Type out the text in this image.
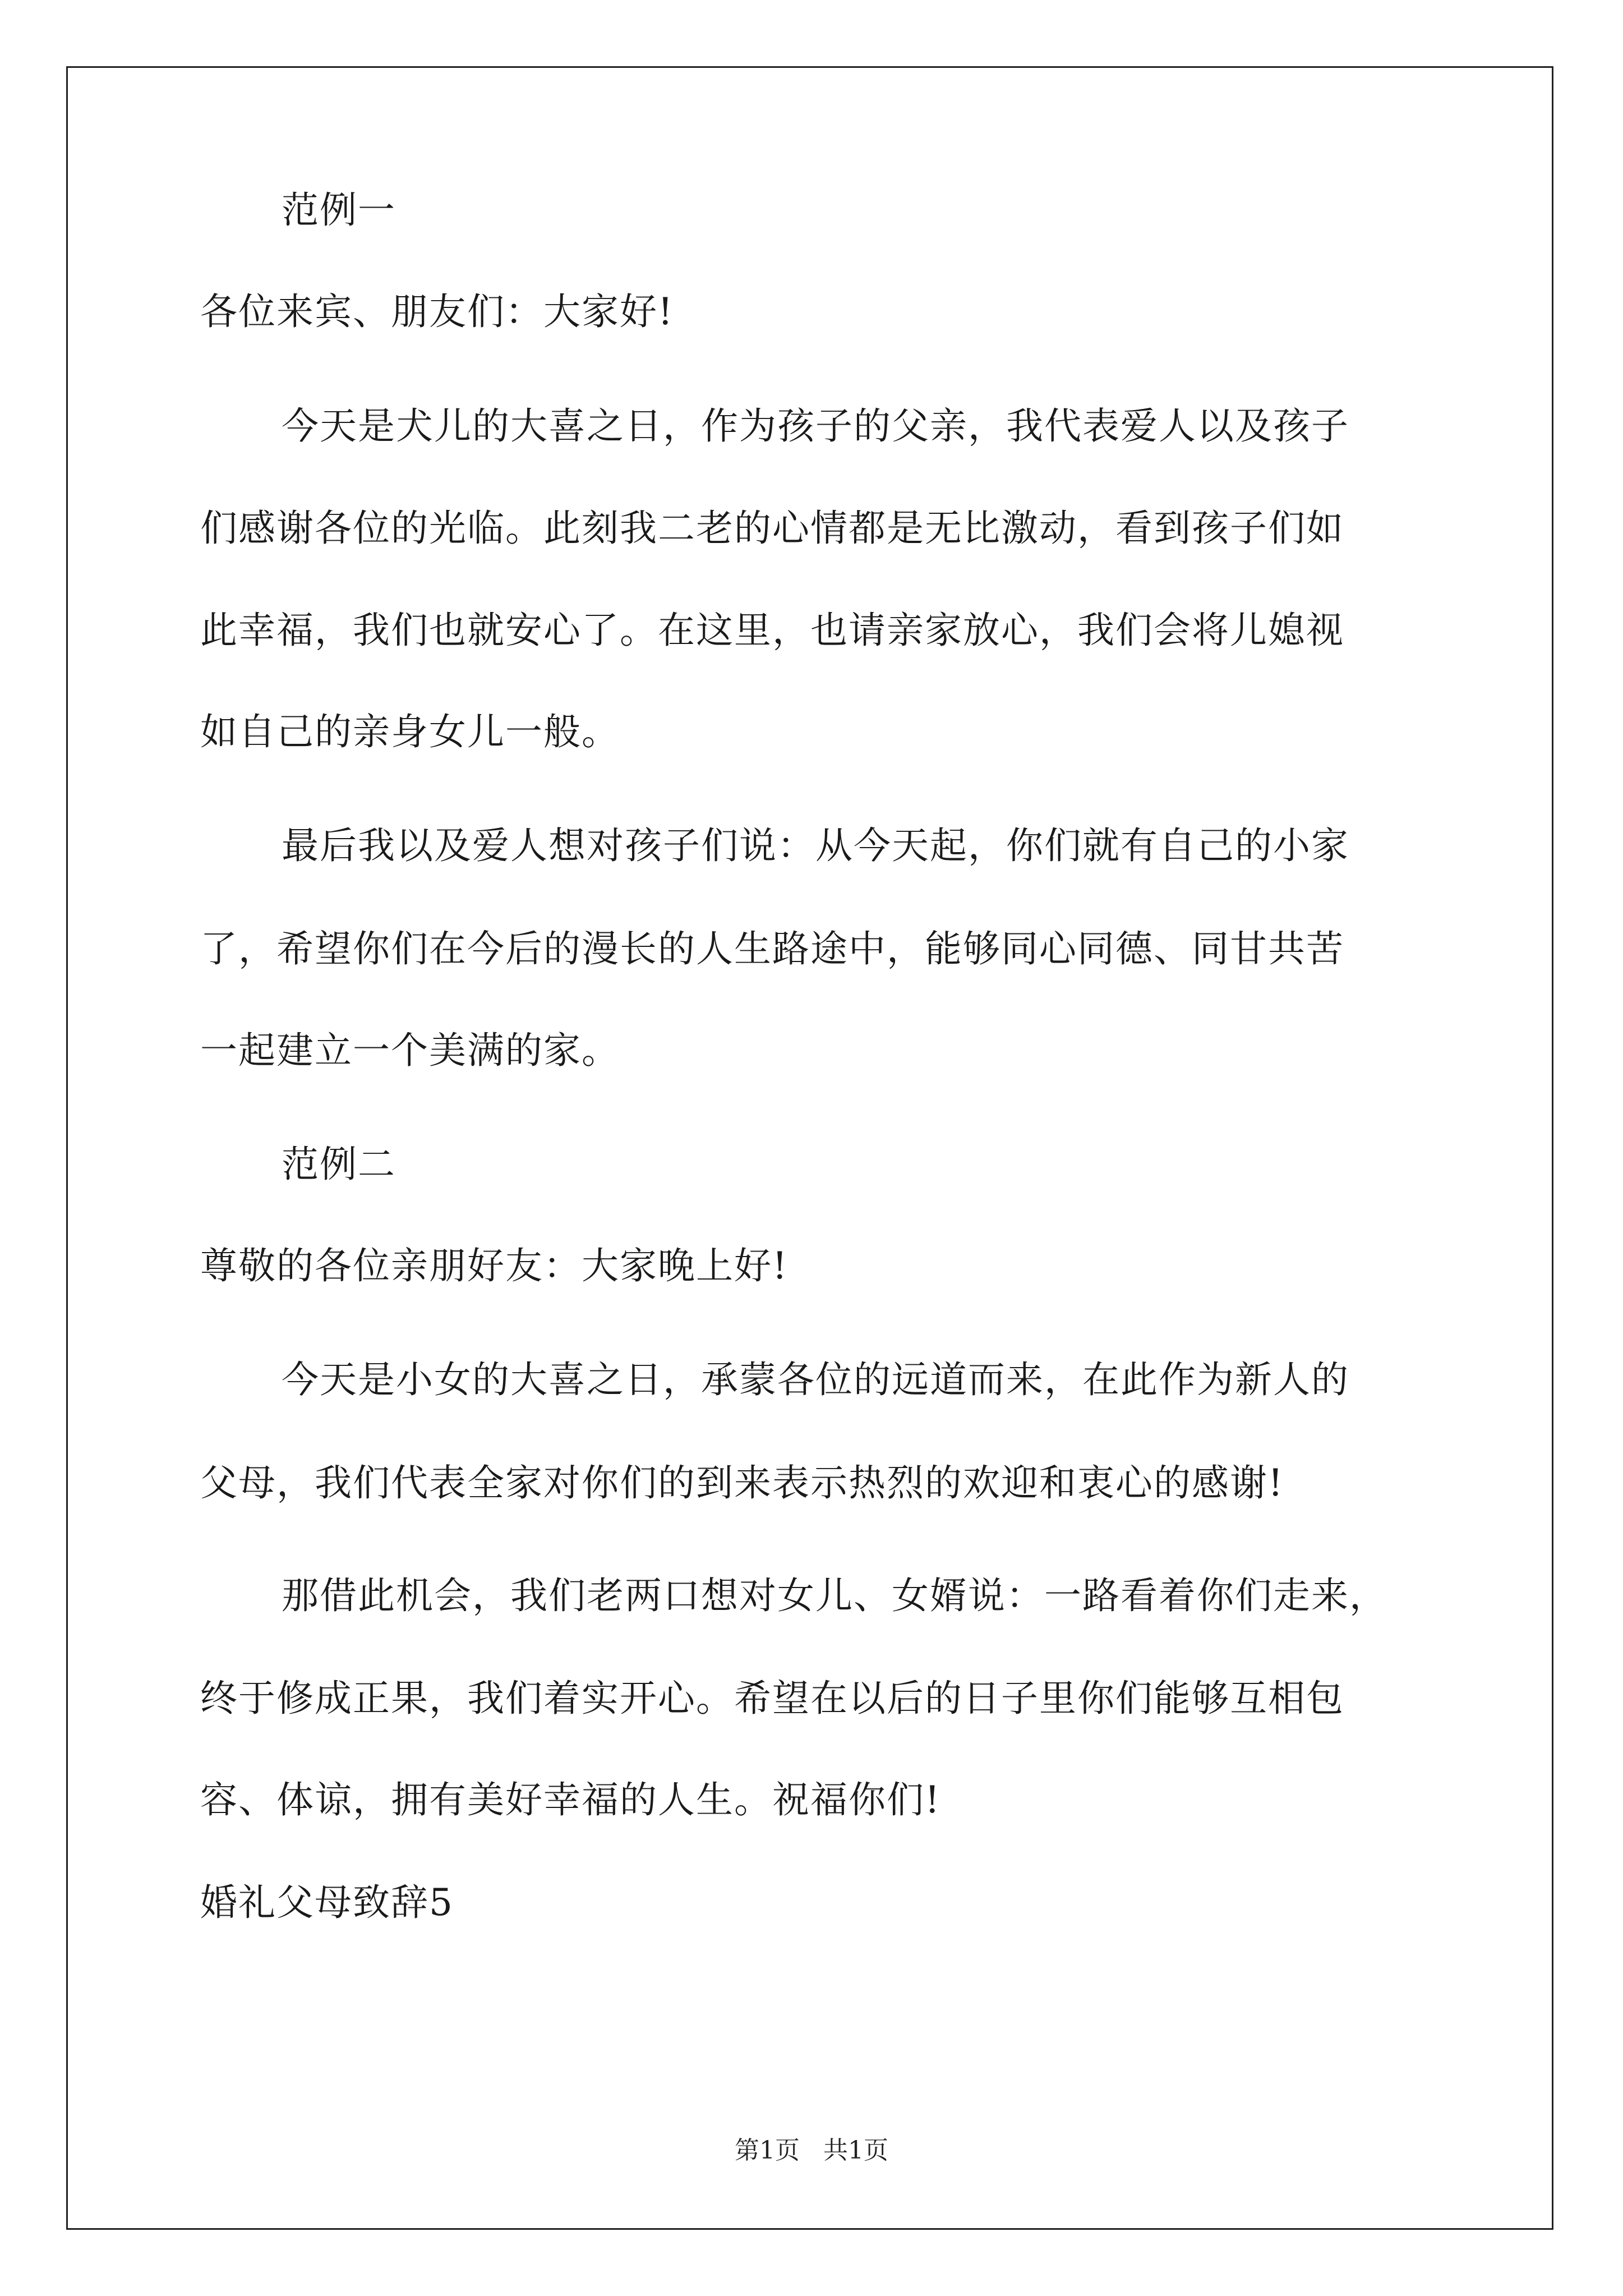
范例一
各位来宾、朋友们：大家好!
今天是犬儿的大喜之日，作为孩子的父亲，我代表爱人以及孩子
们感谢各位的光临。此刻我二老的心情都是无比激动，看到孩子们如
此幸福，我们也就安心了。在这里，也请亲家放心，我们会将儿媳视
如自己的亲身女儿一般。
最后我以及爱人想对孩子们说：从今天起，你们就有自己的小家
了，希望你们在今后的漫长的人生路途中，能够同心同德、同甘共苦
一起建立一个美满的家。
范例二
尊敬的各位亲朋好友：大家晚上好!
今天是小女的大喜之日，承蒙各位的远道而来，在此作为新人的
父母，我们代表全家对你们的到来表示热烈的欢迎和衷心的感谢!
那借此机会，我们老两口想对女儿、女婿说：一路看着你们走来，
终于修成正果，我们着实开心。希望在以后的日子里你们能够互相包
容、体谅，拥有美好幸福的人生。祝福你们!
婚礼父母致辞5
第1页 共1页
